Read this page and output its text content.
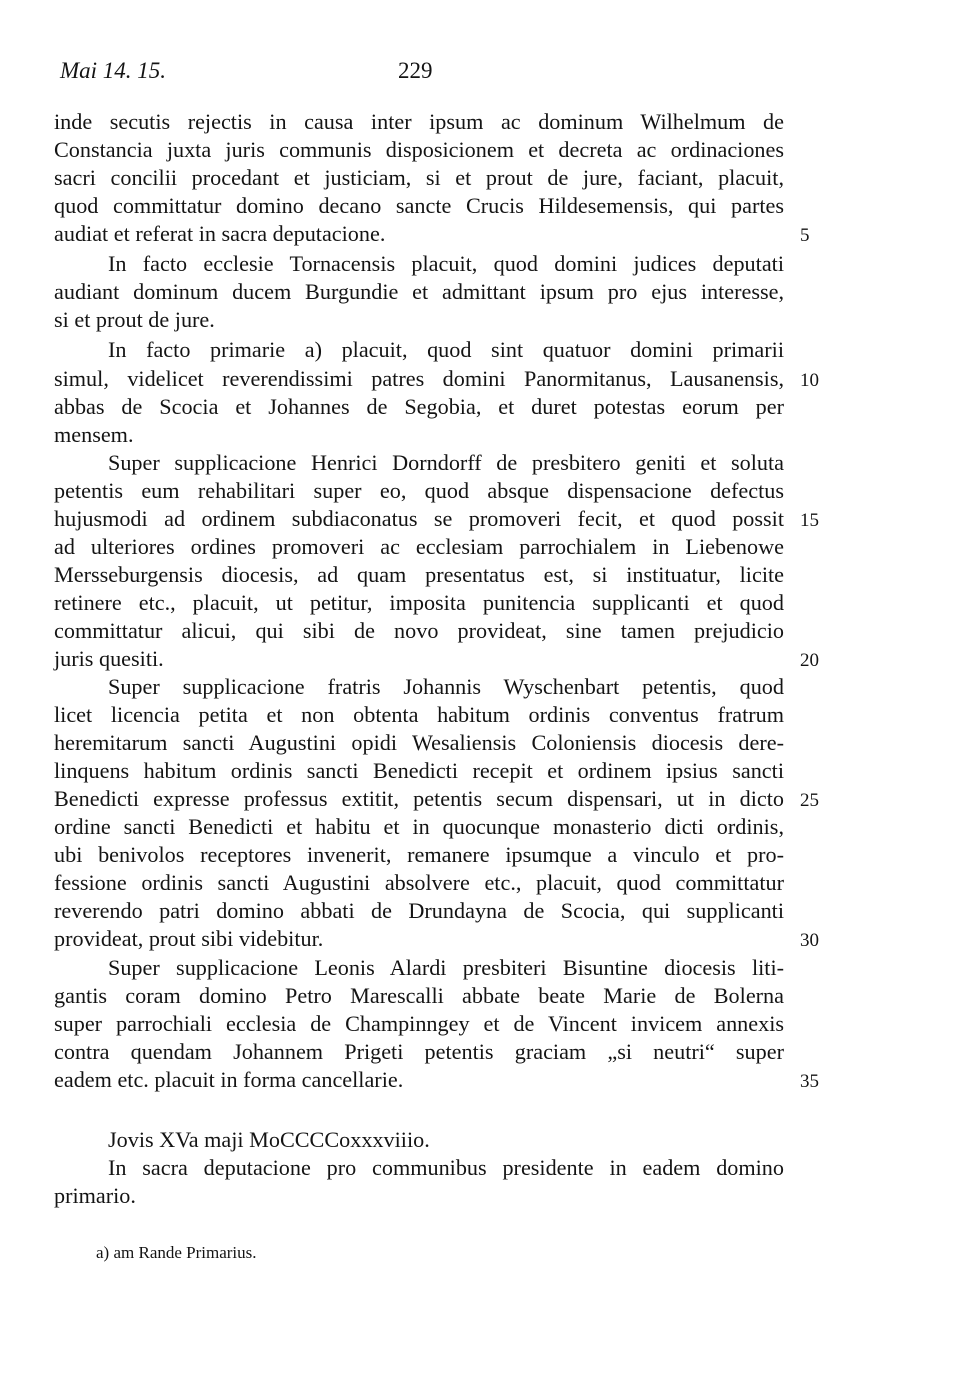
Mai 14. 15.	229
inde secutis rejectis in causa inter ipsum ac dominum Wilhelmum de
Constancia juxta juris communis disposicionem et decreta ac ordinaciones
sacri concilii procedant et justiciam, si et prout de jure, faciant, placuit,
quod committatur domino decano sancte Crucis Hildesemensis, qui partes
audiat et referat in sacra deputacione.
In facto ecclesie Tornacensis placuit, quod domini judices deputati
audiant dominum ducem Burgundie et admittant ipsum pro ejus interesse,
si et prout de jure.
In facto primarie a) placuit, quod sint quatuor domini primarii
simul, videlicet reverendissimi patres domini Panormitanus, Lausanensis,
abbas de Scocia et Johannes de Segobia, et duret potestas eorum per
mensem.
Super supplicacione Henrici Dorndorff de presbitero geniti et soluta
petentis eum rehabilitari super eo, quod absque dispensacione defectus
hujusmodi ad ordinem subdiaconatus se promoveri fecit, et quod possit
ad ulteriores ordines promoveri ac ecclesiam parrochialem in Liebenowe
Mersseburgensis diocesis, ad quam presentatus est, si instituatur, licite
retinere etc., placuit, ut petitur, imposita punitencia supplicanti et quod
committatur alicui, qui sibi de novo provideat, sine tamen prejudicio
juris quesiti.
Super supplicacione fratris Johannis Wyschenbart petentis, quod
licet licencia petita et non obtenta habitum ordinis conventus fratrum
heremitarum sancti Augustini opidi Wesaliensis Coloniensis diocesis dere-
linquens habitum ordinis sancti Benedicti recepit et ordinem ipsius sancti
Benedicti expresse professus extitit, petentis secum dispensari, ut in dicto
ordine sancti Benedicti et habitu et in quocunque monasterio dicti ordinis,
ubi benivolos receptores invenerit, remanere ipsumque a vinculo et pro-
fessione ordinis sancti Augustini absolvere etc., placuit, quod committatur
reverendo patri domino abbati de Drundayna de Scocia, qui supplicanti
provideat, prout sibi videbitur.
Super supplicacione Leonis Alardi presbiteri Bisuntine diocesis liti-
gantis coram domino Petro Marescalli abbate beate Marie de Bolerna
super parrochiali ecclesia de Champinngey et de Vincent invicem annexis
contra quendam Johannem Prigeti petentis graciam „si neutri“ super
eadem etc. placuit in forma cancellarie.
5
10
15
20
25
30
35
Jovis XVa maji MoCCCCoxxxviiio.
In sacra deputacione pro communibus presidente in eadem domino
primario.
a) am Rande Primarius.
